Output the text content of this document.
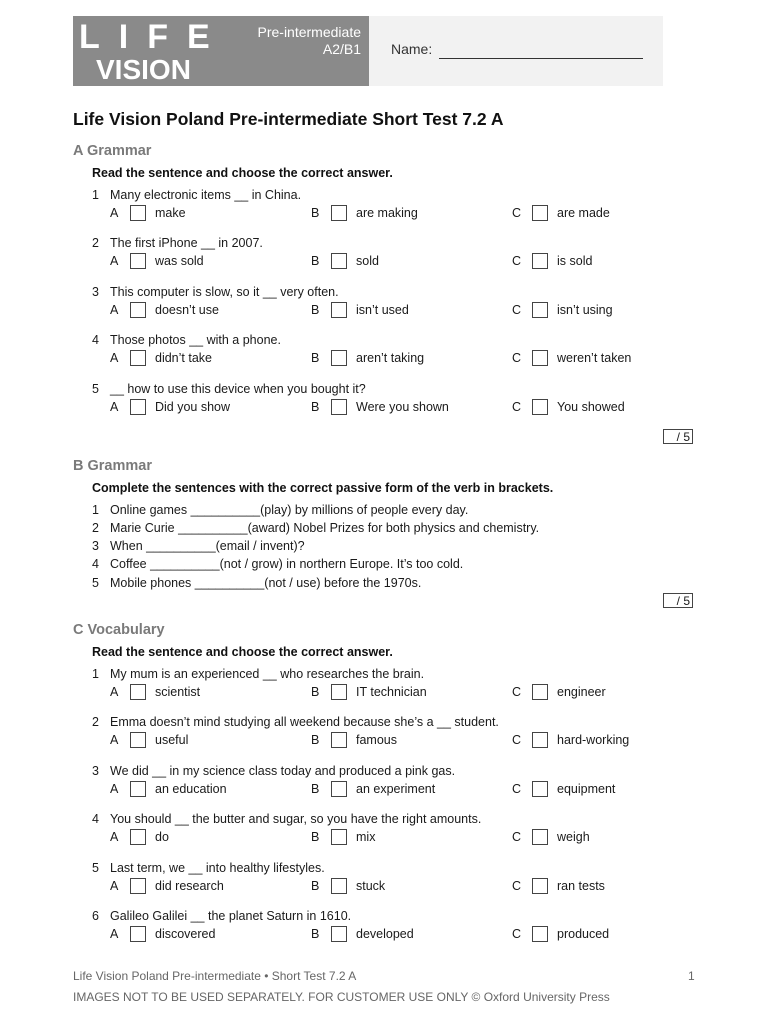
LIFE
VISION
Pre-intermediate
A2/B1 Name:
Life Vision Poland Pre-intermediate Short Test 7.2 A
A Grammar
Read the sentence and choose the correct answer.
1 Many electronic items __ in China.
A	make	B	are making	C	are made
2 The first iPhone __ in 2007.
A	was sold	B	sold	C	is sold
3 This computer is slow, so it __ very often.
A	doesn’t use	B	isn’t used	C	isn’t using
4 Those photos __ with a phone.
A	didn’t take	B	aren’t taking	C	weren’t taken
5 __ how to use this device when you bought it?
A	Did you show	B	Were you shown	C	You showed
/ 5
B Grammar
Complete the sentences with the correct passive form of the verb in brackets.
1 Online games __________(play) by millions of people every day.
2 Marie Curie __________(award) Nobel Prizes for both physics and chemistry.
3 When __________(email / invent)?
4 Coffee __________(not / grow) in northern Europe. It’s too cold.
5 Mobile phones __________(not / use) before the 1970s.
/ 5
C Vocabulary
Read the sentence and choose the correct answer.
1 My mum is an experienced __ who researches the brain.
A	scientist	B	IT technician	C	engineer
2 Emma doesn’t mind studying all weekend because she’s a __ student.
A	useful	B	famous	C	hard-working
3 We did __ in my science class today and produced a pink gas.
A	an education	B	an experiment	C	equipment
4 You should __ the butter and sugar, so you have the right amounts.
A	do	B	mix	C	weigh
5 Last term, we __ into healthy lifestyles.
A	did research	B	stuck	C	ran tests
6 Galileo Galilei __ the planet Saturn in 1610.
A	discovered	B	developed	C	produced
Life Vision Poland Pre-intermediate • Short Test 7.2 A	1
IMAGES NOT TO BE USED SEPARATELY. FOR CUSTOMER USE ONLY © Oxford University Press
